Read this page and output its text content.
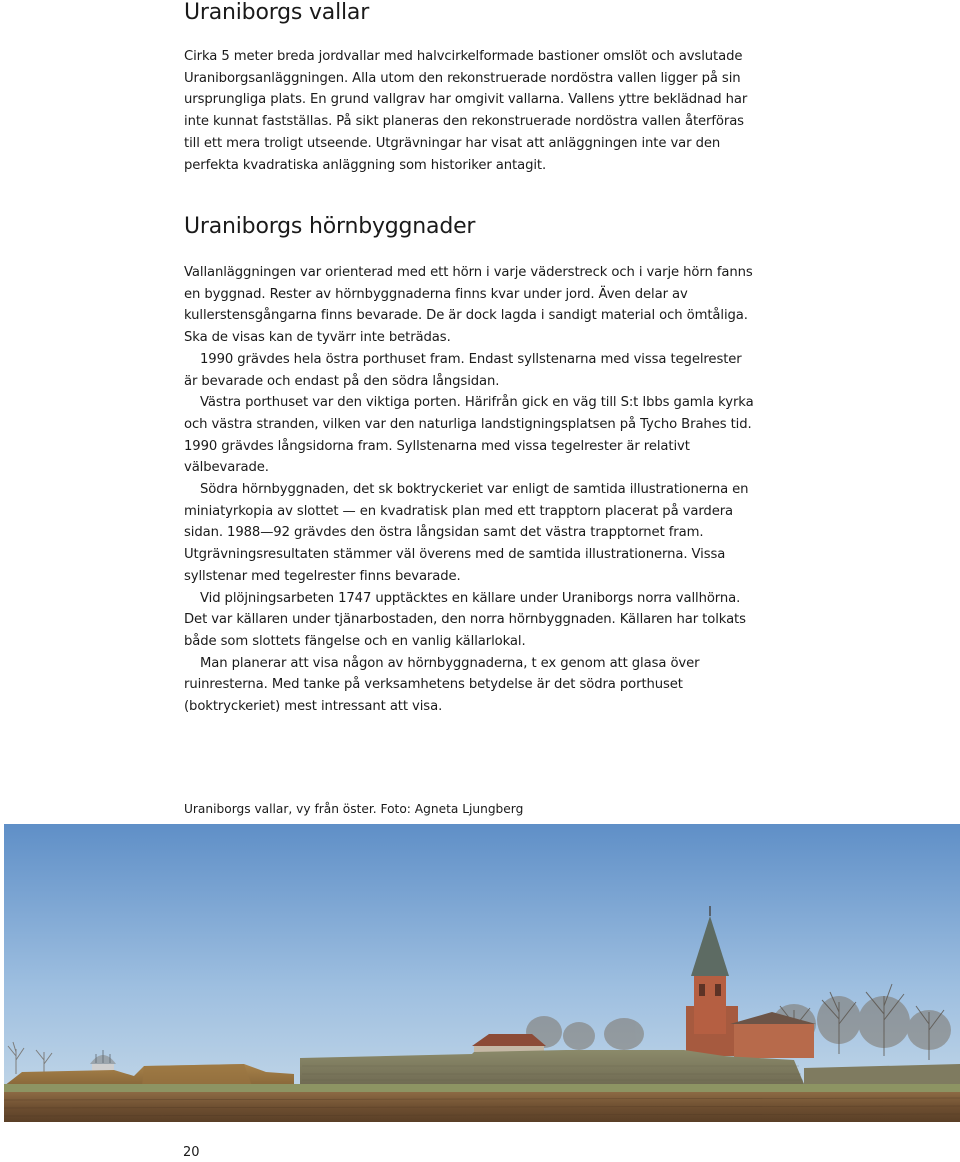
Uraniborgs vallar

Cirka 5 meter breda jordvallar med halvcirkelformade bastioner omslöt och avslutade Uraniborgsanläggningen. Alla utom den rekonstruerade nordöstra vallen ligger på sin ursprungliga plats. En grund vallgrav har omgivit vallarna. Vallens yttre beklädnad har inte kunnat fastställas. På sikt planeras den rekonstruerade nordöstra vallen återföras till ett mera troligt utseende. Utgrävningar har visat att anläggningen inte var den perfekta kvadratiska anläggning som historiker antagit.

Uraniborgs hörnbyggnader

Vallanläggningen var orienterad med ett hörn i varje väderstreck och i varje hörn fanns en byggnad. Rester av hörnbyggnaderna finns kvar under jord. Även delar av kullerstensgångarna finns bevarade. De är dock lagda i sandigt material och ömtåliga. Ska de visas kan de tyvärr inte beträdas.

1990 grävdes hela östra porthuset fram. Endast syllstenarna med vissa tegelrester är bevarade och endast på den södra långsidan.

Västra porthuset var den viktiga porten. Härifrån gick en väg till S:t Ibbs gamla kyrka och västra stranden, vilken var den naturliga landstigningsplatsen på Tycho Brahes tid. 1990 grävdes långsidorna fram. Syllstenarna med vissa tegelrester är relativt välbevarade.

Södra hörnbyggnaden, det sk boktryckeriet var enligt de samtida illustrationerna en miniatyrkopia av slottet — en kvadratisk plan med ett trapptorn placerat på vardera sidan. 1988—92 grävdes den östra långsidan samt det västra trapptornet fram. Utgrävningsresultaten stämmer väl överens med de samtida illustrationerna. Vissa syllstenar med tegelrester finns bevarade.

Vid plöjningsarbeten 1747 upptäcktes en källare under Uraniborgs norra vallhörna. Det var källaren under tjänarbostaden, den norra hörnbyggnaden. Källaren har tolkats både som slottets fängelse och en vanlig källarlokal.

Man planerar att visa någon av hörnbyggnaderna, t ex genom att glasa över ruinresterna. Med tanke på verksamhetens betydelse är det södra porthuset (boktryckeriet) mest intressant att visa.

Uraniborgs vallar, vy från öster. Foto: Agneta Ljungberg
20
